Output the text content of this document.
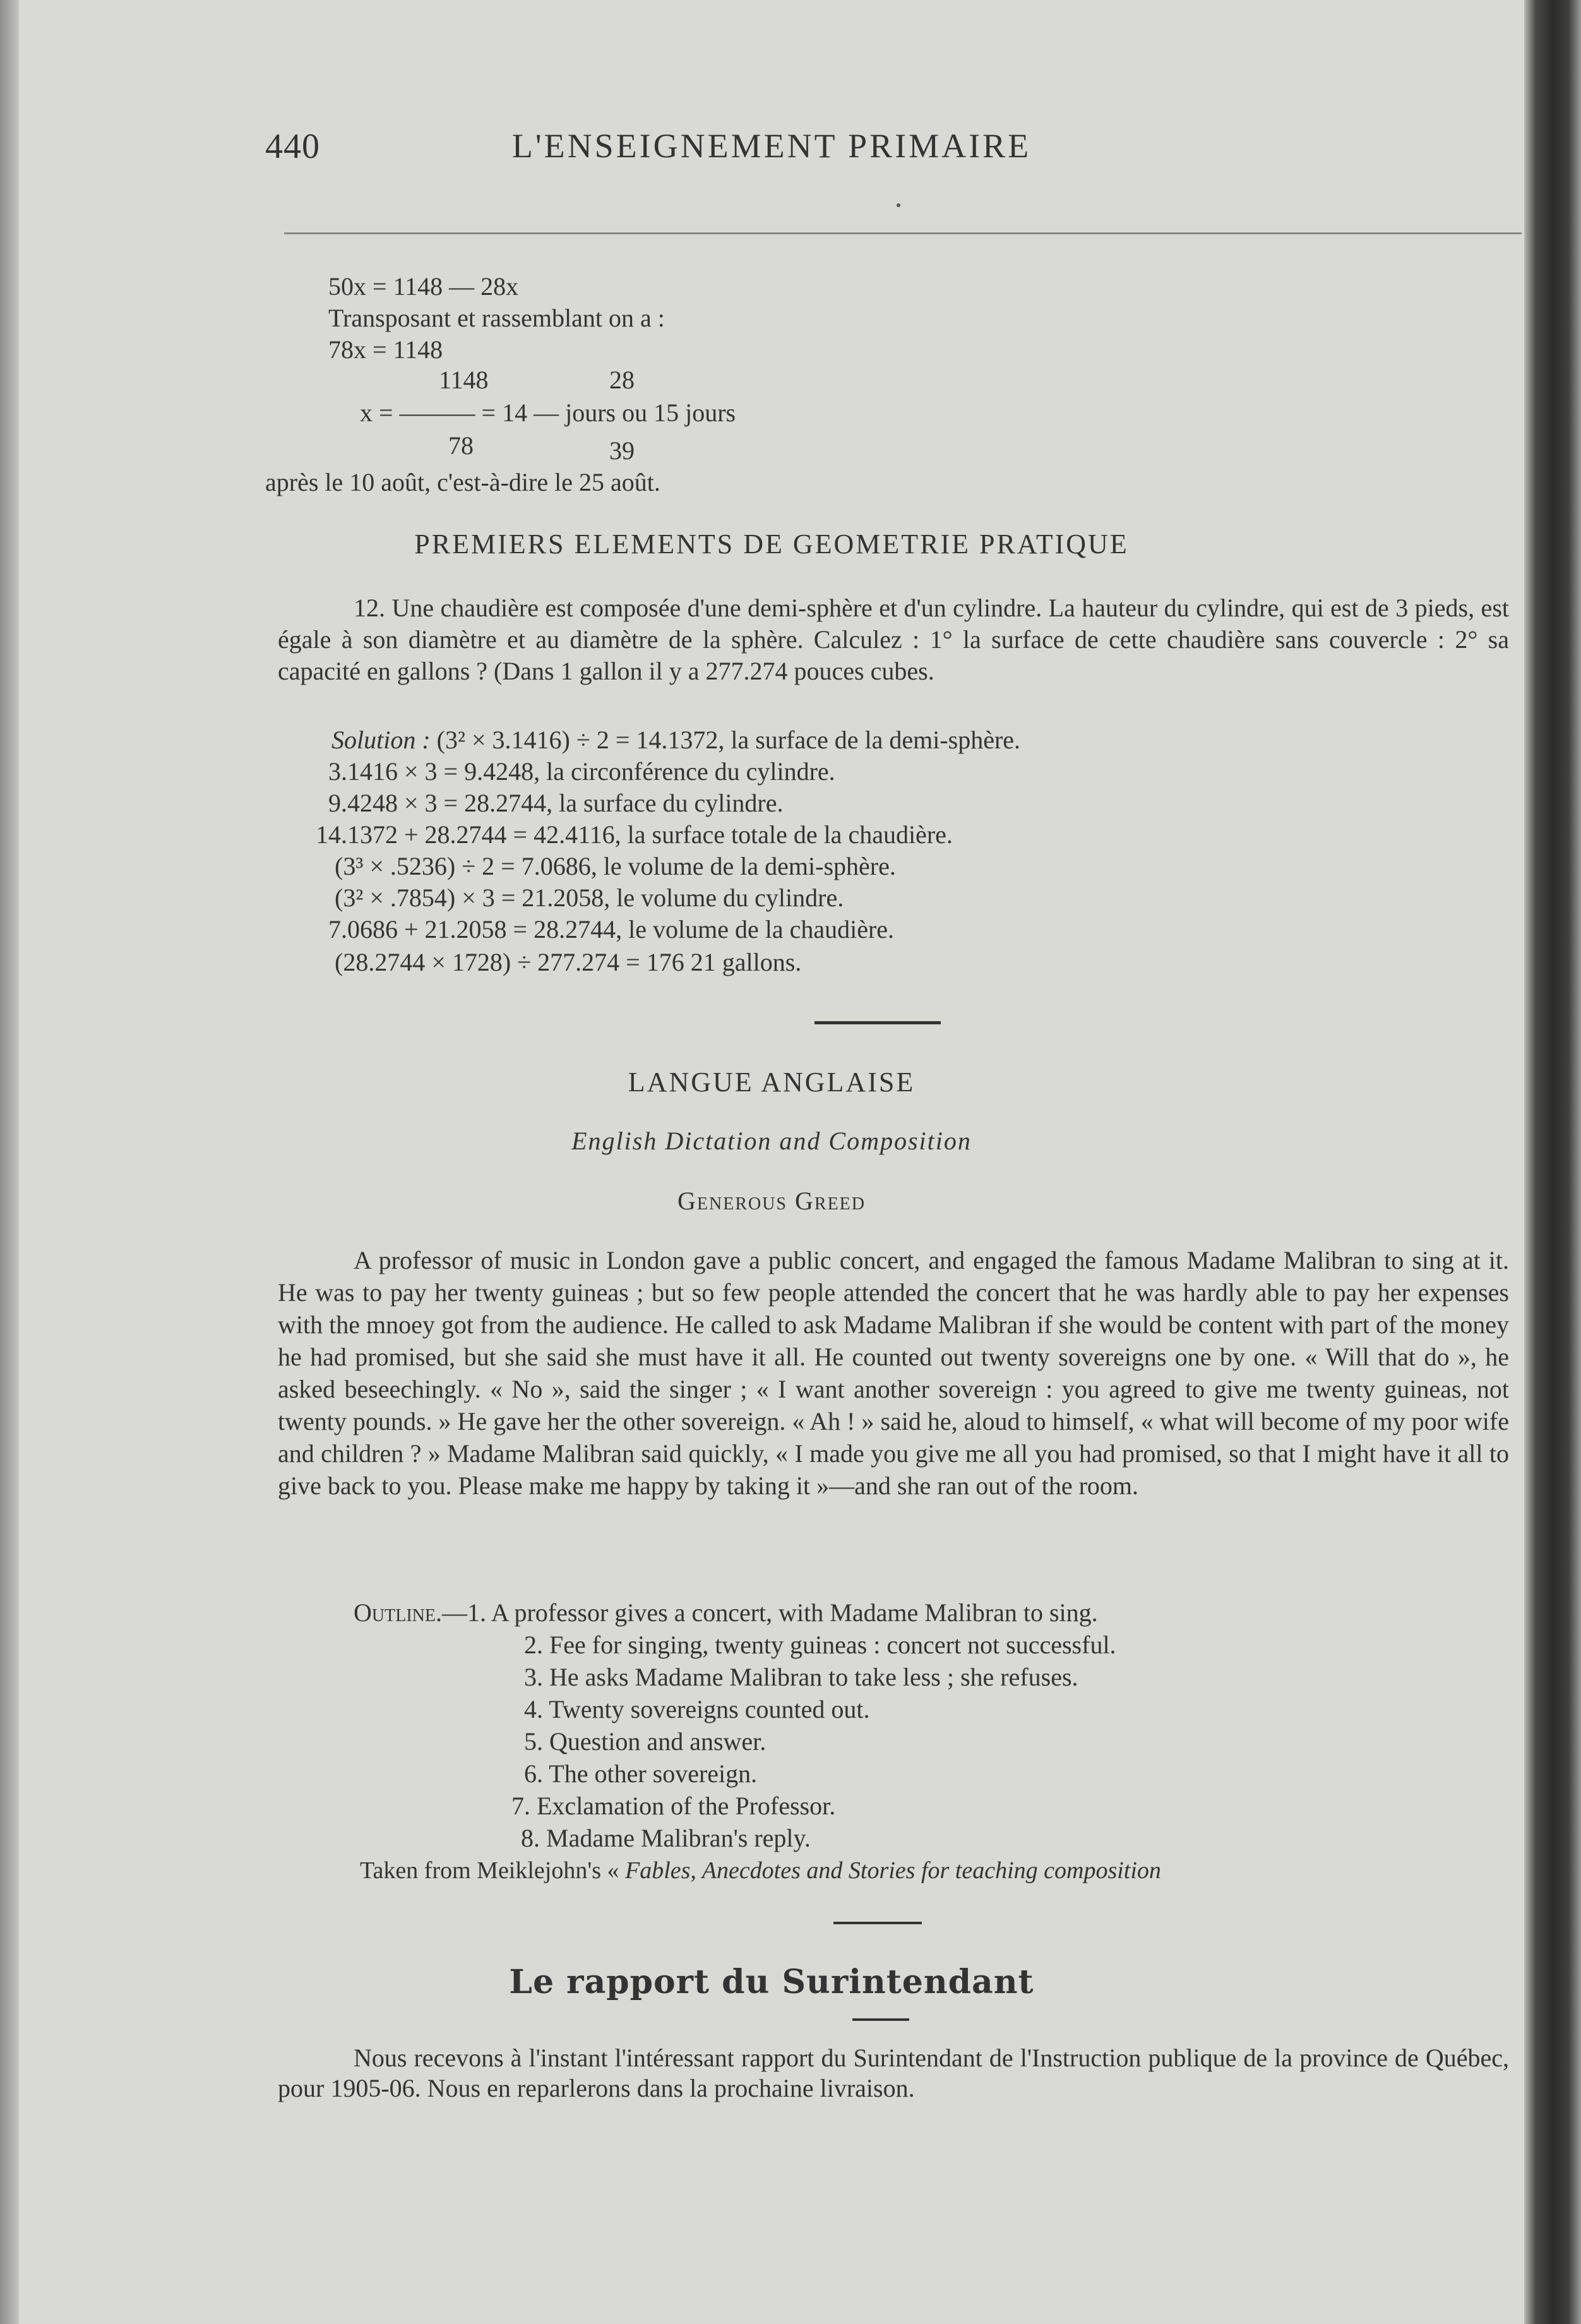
L'ENSEIGNEMENT PRIMAIRE
440
50x = 1148 — 28x
Transposant et rassemblant on a :
78x = 1148
1148	28
x = ——— = 14 — jours ou 15 jours
78	39
après le 10 août, c'est-à-dire le 25 août.
PREMIERS ELEMENTS DE GEOMETRIE PRATIQUE

12. Une chaudière est composée d'une demi-sphère et d'un cylindre. La hauteur du cylindre, qui est de 3 pieds, est égale à son diamètre et au diamètre de la sphère. Calculez : 1° la surface de cette chaudière sans couvercle : 2° sa capacité en gallons ? (Dans 1 gallon il y a 277.274 pouces cubes.

Solution : (3² × 3.1416) ÷ 2 = 14.1372, la surface de la demi-sphère.
3.1416 × 3 = 9.4248, la circonférence du cylindre.
9.4248 × 3 = 28.2744, la surface du cylindre.
14.1372 + 28.2744 = 42.4116, la surface totale de la chaudière.
(3³ × .5236) ÷ 2 = 7.0686, le volume de la demi-sphère.
(3² × .7854) × 3 = 21.2058, le volume du cylindre.
7.0686 + 21.2058 = 28.2744, le volume de la chaudière.
(28.2744 × 1728) ÷ 277.274 = 176 21 gallons.
LANGUE ANGLAISE
English Dictation and Composition
Generous Greed

A professor of music in London gave a public concert, and engaged the famous Madame Malibran to sing at it. He was to pay her twenty guineas ; but so few people attended the concert that he was hardly able to pay her expenses with the mnoey got from the audience. He called to ask Madame Malibran if she would be content with part of the money he had promised, but she said she must have it all. He counted out twenty sovereigns one by one. « Will that do », he asked beseechingly. « No », said the singer ; « I want another sovereign : you agreed to give me twenty guineas, not twenty pounds. » He gave her the other sovereign. « Ah ! » said he, aloud to himself, « what will become of my poor wife and children ? » Madame Malibran said quickly, « I made you give me all you had promised, so that I might have it all to give back to you. Please make me happy by taking it »—and she ran out of the room.

Outline.—1. A professor gives a concert, with Madame Malibran to sing.
2. Fee for singing, twenty guineas : concert not successful.
3. He asks Madame Malibran to take less ; she refuses.
4. Twenty sovereigns counted out.
5. Question and answer.
6. The other sovereign.
7. Exclamation of the Professor.
8. Madame Malibran's reply.
Taken from Meiklejohn's « Fables, Anecdotes and Stories for teaching composition
Le rapport du Surintendant

Nous recevons à l'instant l'intéressant rapport du Surintendant de l'Instruction publique de la province de Québec, pour 1905-06. Nous en reparlerons dans la prochaine livraison.
